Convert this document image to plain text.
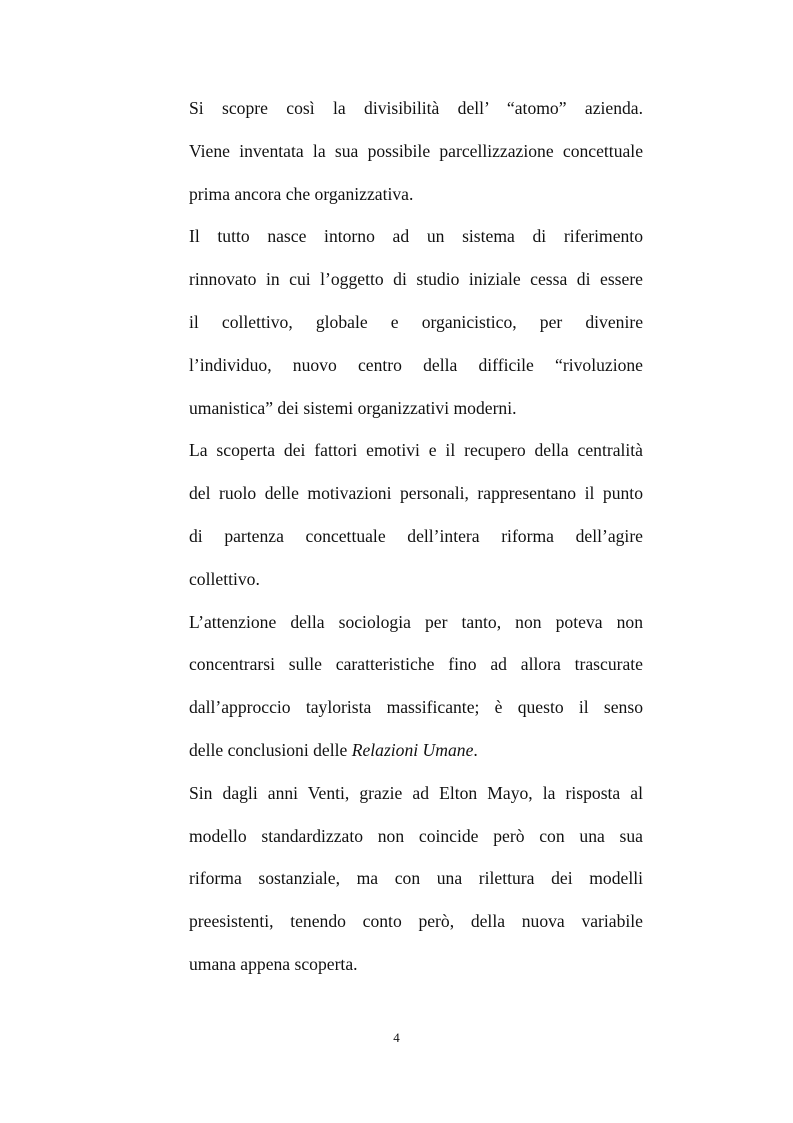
Si scopre così la divisibilità dell’ “atomo” azienda.
Viene inventata la sua possibile parcellizzazione concettuale
prima ancora che organizzativa.
Il tutto nasce intorno ad un sistema di riferimento
rinnovato in cui l’oggetto di studio iniziale cessa di essere
il collettivo, globale e organicistico, per divenire
l’individuo, nuovo centro della difficile “rivoluzione
umanistica” dei sistemi organizzativi moderni.
La scoperta dei fattori emotivi e il recupero della centralità
del ruolo delle motivazioni personali, rappresentano il punto
di partenza concettuale dell’intera riforma dell’agire
collettivo.
L’attenzione della sociologia per tanto, non poteva non
concentrarsi sulle caratteristiche fino ad allora trascurate
dall’approccio taylorista massificante; è questo il senso
delle conclusioni delle Relazioni Umane.
Sin dagli anni Venti, grazie ad Elton Mayo, la risposta al
modello standardizzato non coincide però con una sua
riforma sostanziale, ma con una rilettura dei modelli
preesistenti, tenendo conto però, della nuova variabile
umana appena scoperta.
4
